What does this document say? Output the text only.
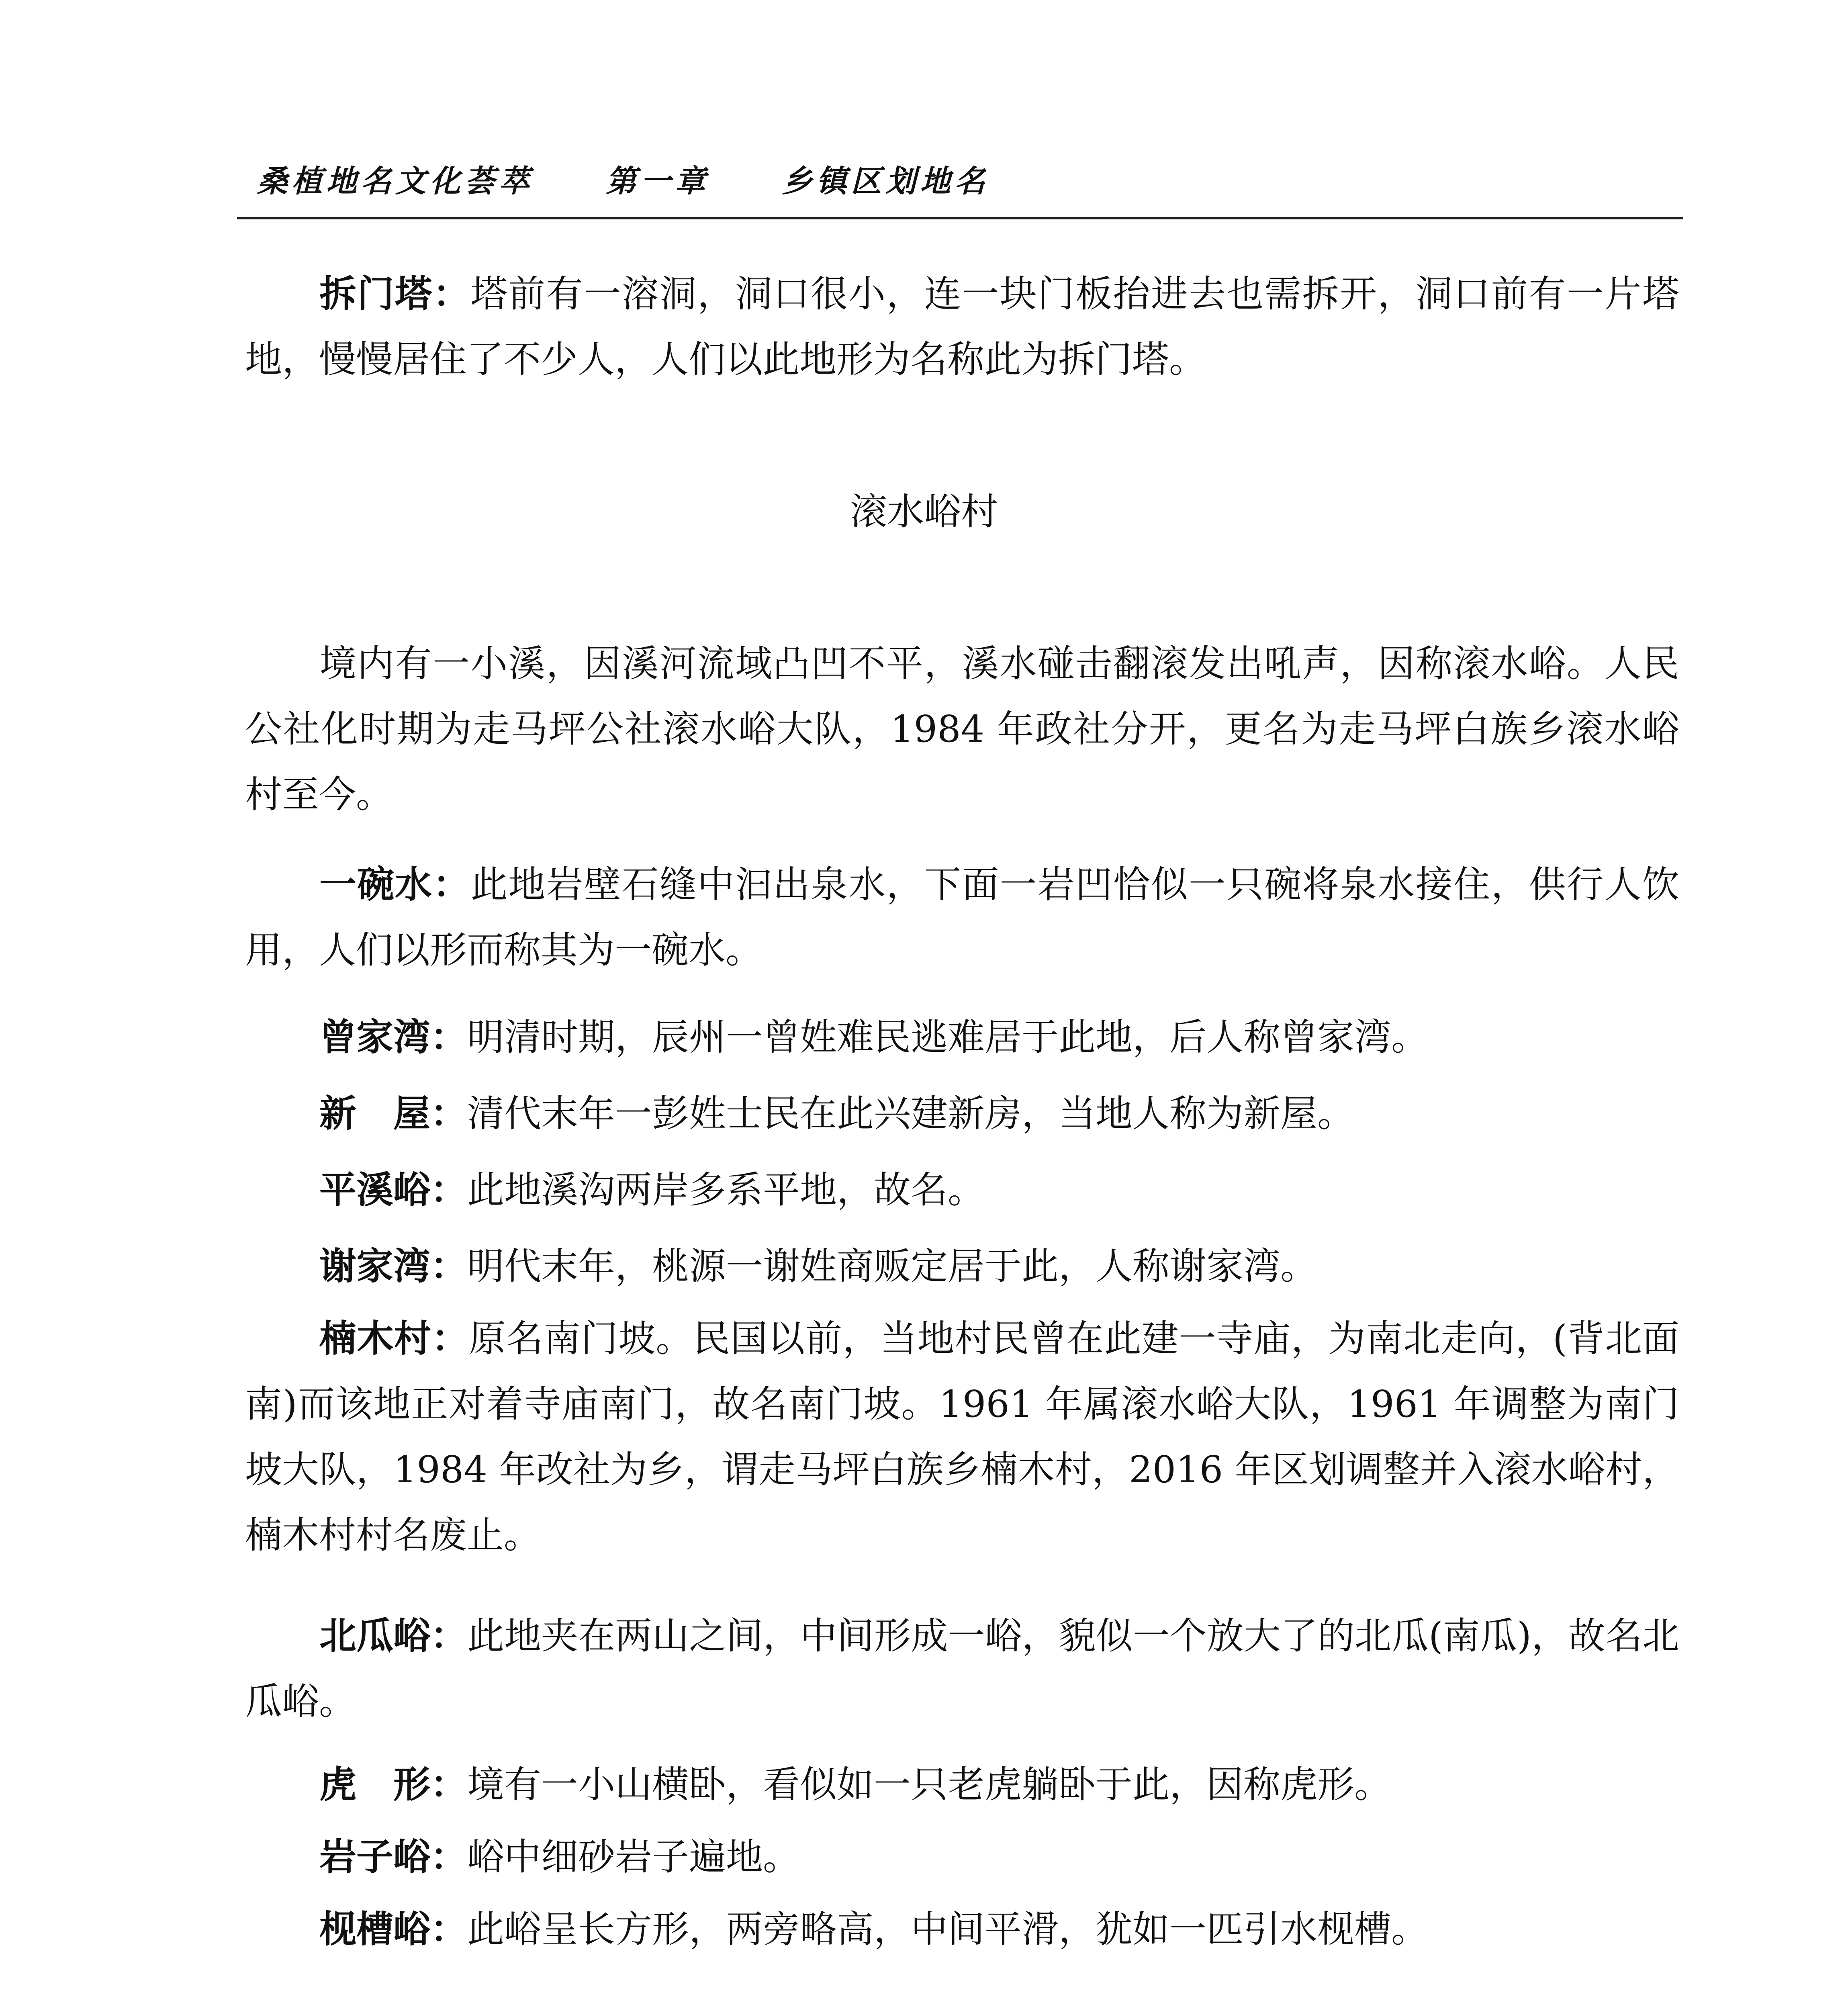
桑植地名文化荟萃 第一章 乡镇区划地名

拆门塔：塔前有一溶洞，洞口很小，连一块门板抬进去也需拆开，洞口前有一片塔地，慢慢居住了不少人，人们以此地形为名称此为拆门塔。

滚水峪村

境内有一小溪，因溪河流域凸凹不平，溪水碰击翻滚发出吼声，因称滚水峪。人民公社化时期为走马坪公社滚水峪大队，1984 年政社分开，更名为走马坪白族乡滚水峪村至今。

一碗水：此地岩壁石缝中汩出泉水，下面一岩凹恰似一只碗将泉水接住，供行人饮用，人们以形而称其为一碗水。

曾家湾：明清时期，辰州一曾姓难民逃难居于此地，后人称曾家湾。

新　屋：清代末年一彭姓士民在此兴建新房，当地人称为新屋。

平溪峪：此地溪沟两岸多系平地，故名。

谢家湾：明代末年，桃源一谢姓商贩定居于此，人称谢家湾。

楠木村：原名南门坡。民国以前，当地村民曾在此建一寺庙，为南北走向，(背北面南)而该地正对着寺庙南门，故名南门坡。1961 年属滚水峪大队，1961 年调整为南门坡大队，1984 年改社为乡，谓走马坪白族乡楠木村，2016 年区划调整并入滚水峪村，楠木村村名废止。

北瓜峪：此地夹在两山之间，中间形成一峪，貌似一个放大了的北瓜(南瓜)，故名北瓜峪。

虎　形：境有一小山横卧，看似如一只老虎躺卧于此，因称虎形。

岩子峪：峪中细砂岩子遍地。

枧槽峪：此峪呈长方形，两旁略高，中间平滑，犹如一匹引水枧槽。
